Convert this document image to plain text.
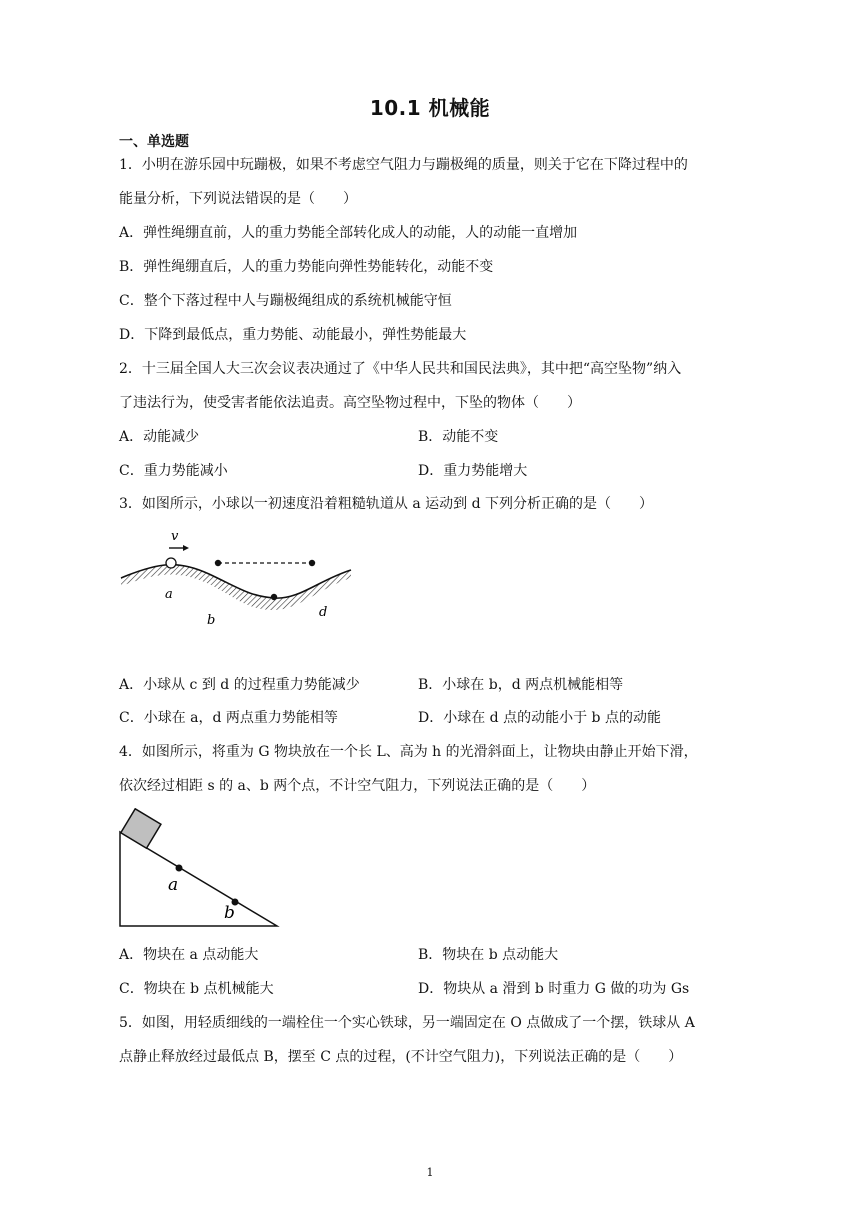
10.1 机械能
一、单选题
1．小明在游乐园中玩蹦极，如果不考虑空气阻力与蹦极绳的质量，则关于它在下降过程中的
能量分析，下列说法错误的是（　　）
A．弹性绳绷直前，人的重力势能全部转化成人的动能，人的动能一直增加
B．弹性绳绷直后，人的重力势能向弹性势能转化，动能不变
C．整个下落过程中人与蹦极绳组成的系统机械能守恒
D．下降到最低点，重力势能、动能最小，弹性势能最大
2．十三届全国人大三次会议表决通过了《中华人民共和国民法典》，其中把“高空坠物”纳入
了违法行为，使受害者能依法追责。高空坠物过程中，下坠的物体（　　）
A．动能减少	B．动能不变
C．重力势能减小	D．重力势能增大
3．如图所示，小球以一初速度沿着粗糙轨道从 a 运动到 d 下列分析正确的是（　　）
v
a
b
d
A．小球从 c 到 d 的过程重力势能减少	B．小球在 b，d 两点机械能相等
C．小球在 a，d 两点重力势能相等	D．小球在 d 点的动能小于 b 点的动能
4．如图所示，将重为 G 物块放在一个长 L、高为 h 的光滑斜面上，让物块由静止开始下滑，
依次经过相距 s 的 a、b 两个点，不计空气阻力，下列说法正确的是（　　）
a
b
A．物块在 a 点动能大	B．物块在 b 点动能大
C．物块在 b 点机械能大	D．物块从 a 滑到 b 时重力 G 做的功为 Gs
5．如图，用轻质细线的一端栓住一个实心铁球，另一端固定在 O 点做成了一个摆，铁球从 A
点静止释放经过最低点 B，摆至 C 点的过程，(不计空气阻力)，下列说法正确的是（　　）
1
